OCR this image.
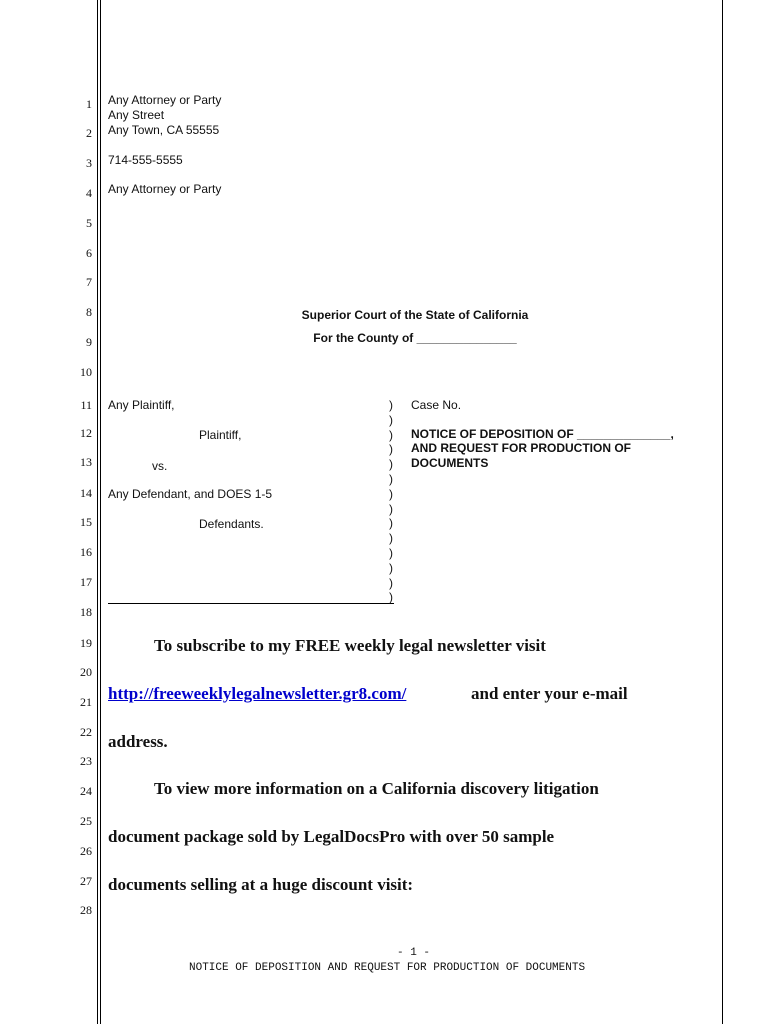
1
2
3
4
5
6
7
8
9
10
11
12
13
14
15
16
17
18
19
20
21
22
23
24
25
26
27
28
Any Attorney or Party
Any Street
Any Town, CA 55555
714-555-5555
Any Attorney or Party
Superior Court of the State of California
For the County of _______________
Any Plaintiff,
Plaintiff,
vs.
Any Defendant, and DOES 1-5
Defendants.
)
)
)
)
)
)
)
)
)
)
)
)
)
)
Case No.
NOTICE OF DEPOSITION OF ______________,
AND REQUEST FOR PRODUCTION OF
DOCUMENTS
To subscribe to my FREE weekly legal newsletter visit
http://freeweeklylegalnewsletter.gr8.com/	and enter your e-mail
address.
To view more information on a California discovery litigation
document package sold by LegalDocsPro with over 50 sample
documents selling at a huge discount visit:
- 1 -
NOTICE OF DEPOSITION AND REQUEST FOR PRODUCTION OF DOCUMENTS
